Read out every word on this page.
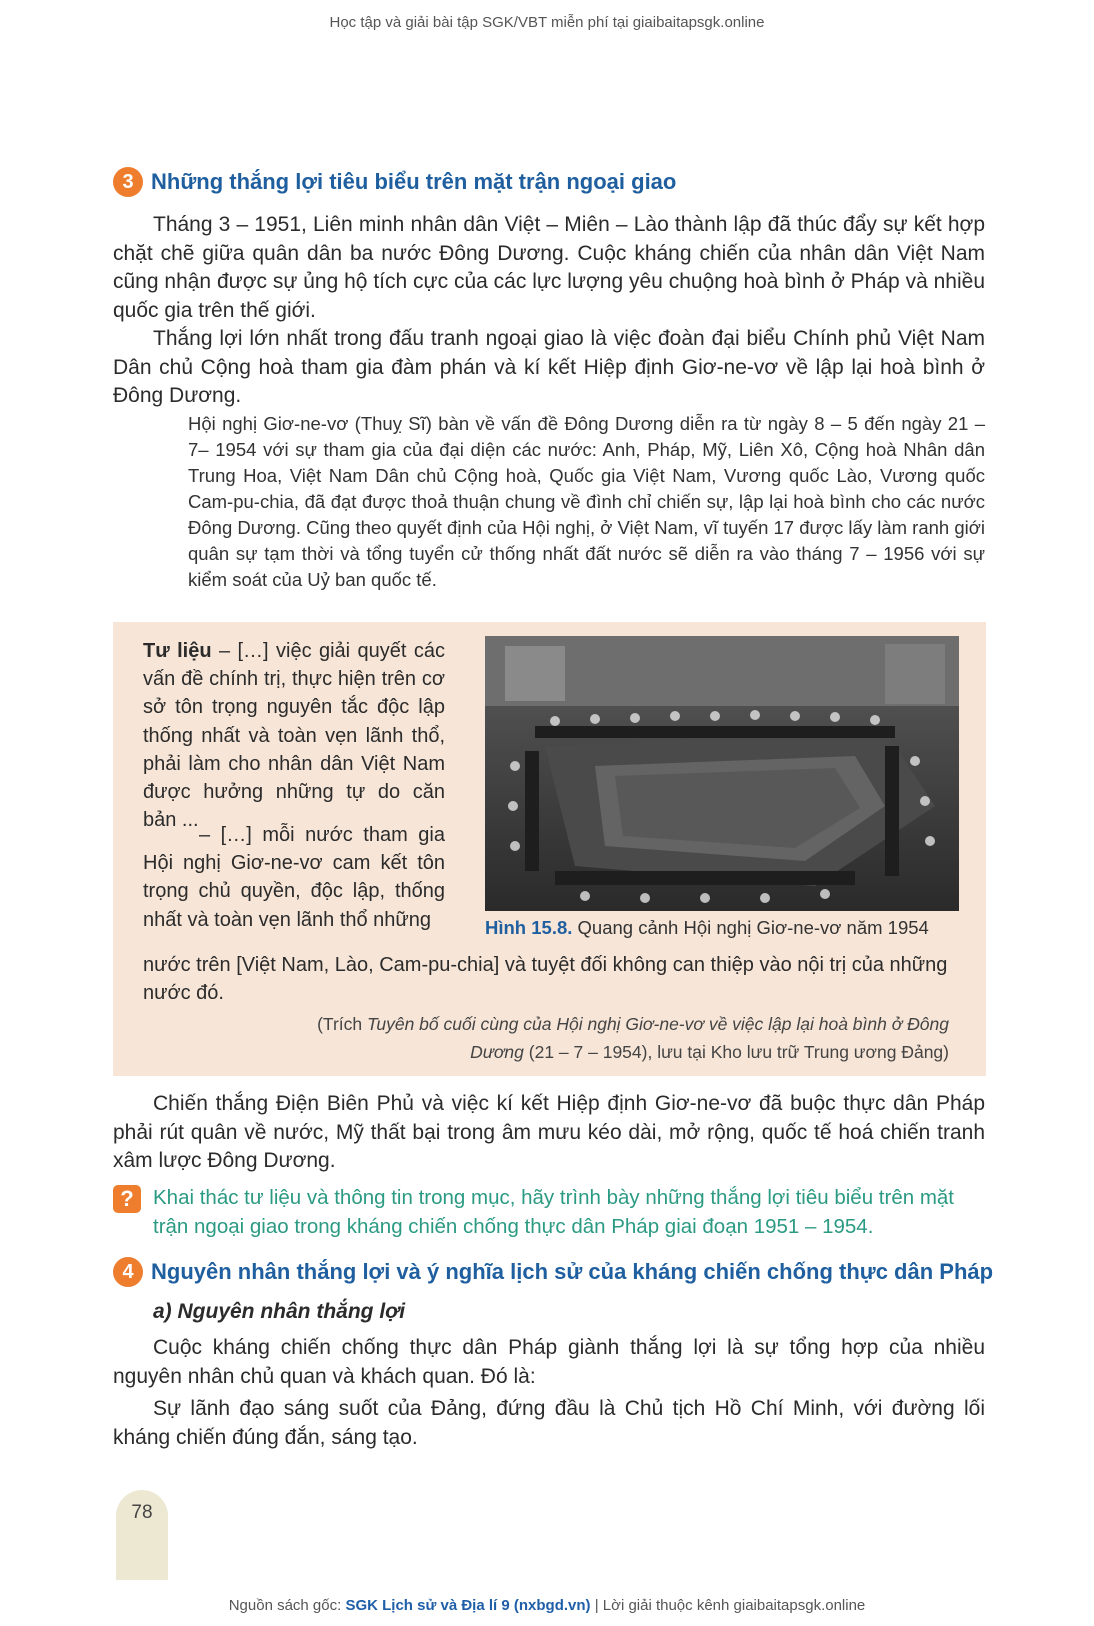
Học tập và giải bài tập SGK/VBT miễn phí tại giaibaitapsgk.online
3 Những thắng lợi tiêu biểu trên mặt trận ngoại giao

Tháng 3 – 1951, Liên minh nhân dân Việt – Miên – Lào thành lập đã thúc đẩy sự kết hợp chặt chẽ giữa quân dân ba nước Đông Dương. Cuộc kháng chiến của nhân dân Việt Nam cũng nhận được sự ủng hộ tích cực của các lực lượng yêu chuộng hoà bình ở Pháp và nhiều quốc gia trên thế giới.

Thắng lợi lớn nhất trong đấu tranh ngoại giao là việc đoàn đại biểu Chính phủ Việt Nam Dân chủ Cộng hoà tham gia đàm phán và kí kết Hiệp định Giơ-ne-vơ về lập lại hoà bình ở Đông Dương.

Hội nghị Giơ-ne-vơ (Thuỵ Sĩ) bàn về vấn đề Đông Dương diễn ra từ ngày 8 – 5 đến ngày 21 – 7– 1954 với sự tham gia của đại diện các nước: Anh, Pháp, Mỹ, Liên Xô, Cộng hoà Nhân dân Trung Hoa, Việt Nam Dân chủ Cộng hoà, Quốc gia Việt Nam, Vương quốc Lào, Vương quốc Cam-pu-chia, đã đạt được thoả thuận chung về đình chỉ chiến sự, lập lại hoà bình cho các nước Đông Dương. Cũng theo quyết định của Hội nghị, ở Việt Nam, vĩ tuyến 17 được lấy làm ranh giới quân sự tạm thời và tổng tuyển cử thống nhất đất nước sẽ diễn ra vào tháng 7 – 1956 với sự kiểm soát của Uỷ ban quốc tế.

Tư liệu – […] việc giải quyết các vấn đề chính trị, thực hiện trên cơ sở tôn trọng nguyên tắc độc lập thống nhất và toàn vẹn lãnh thổ, phải làm cho nhân dân Việt Nam được hưởng những tự do căn bản ...

– […] mỗi nước tham gia Hội nghị Giơ-ne-vơ cam kết tôn trọng chủ quyền, độc lập, thống nhất và toàn vẹn lãnh thổ những

nước trên [Việt Nam, Lào, Cam-pu-chia] và tuyệt đối không can thiệp vào nội trị của những nước đó.

(Trích Tuyên bố cuối cùng của Hội nghị Giơ-ne-vơ về việc lập lại hoà bình ở Đông Dương (21 – 7 – 1954), lưu tại Kho lưu trữ Trung ương Đảng)

Hình 15.8. Quang cảnh Hội nghị Giơ-ne-vơ năm 1954

Chiến thắng Điện Biên Phủ và việc kí kết Hiệp định Giơ-ne-vơ đã buộc thực dân Pháp phải rút quân về nước, Mỹ thất bại trong âm mưu kéo dài, mở rộng, quốc tế hoá chiến tranh xâm lược Đông Dương.

? Khai thác tư liệu và thông tin trong mục, hãy trình bày những thắng lợi tiêu biểu trên mặt trận ngoại giao trong kháng chiến chống thực dân Pháp giai đoạn 1951 – 1954.

4 Nguyên nhân thắng lợi và ý nghĩa lịch sử của kháng chiến chống thực dân Pháp

a) Nguyên nhân thắng lợi

Cuộc kháng chiến chống thực dân Pháp giành thắng lợi là sự tổng hợp của nhiều nguyên nhân chủ quan và khách quan. Đó là:

Sự lãnh đạo sáng suốt của Đảng, đứng đầu là Chủ tịch Hồ Chí Minh, với đường lối kháng chiến đúng đắn, sáng tạo.

78
Nguồn sách gốc: SGK Lịch sử và Địa lí 9 (nxbgd.vn) | Lời giải thuộc kênh giaibaitapsgk.online
